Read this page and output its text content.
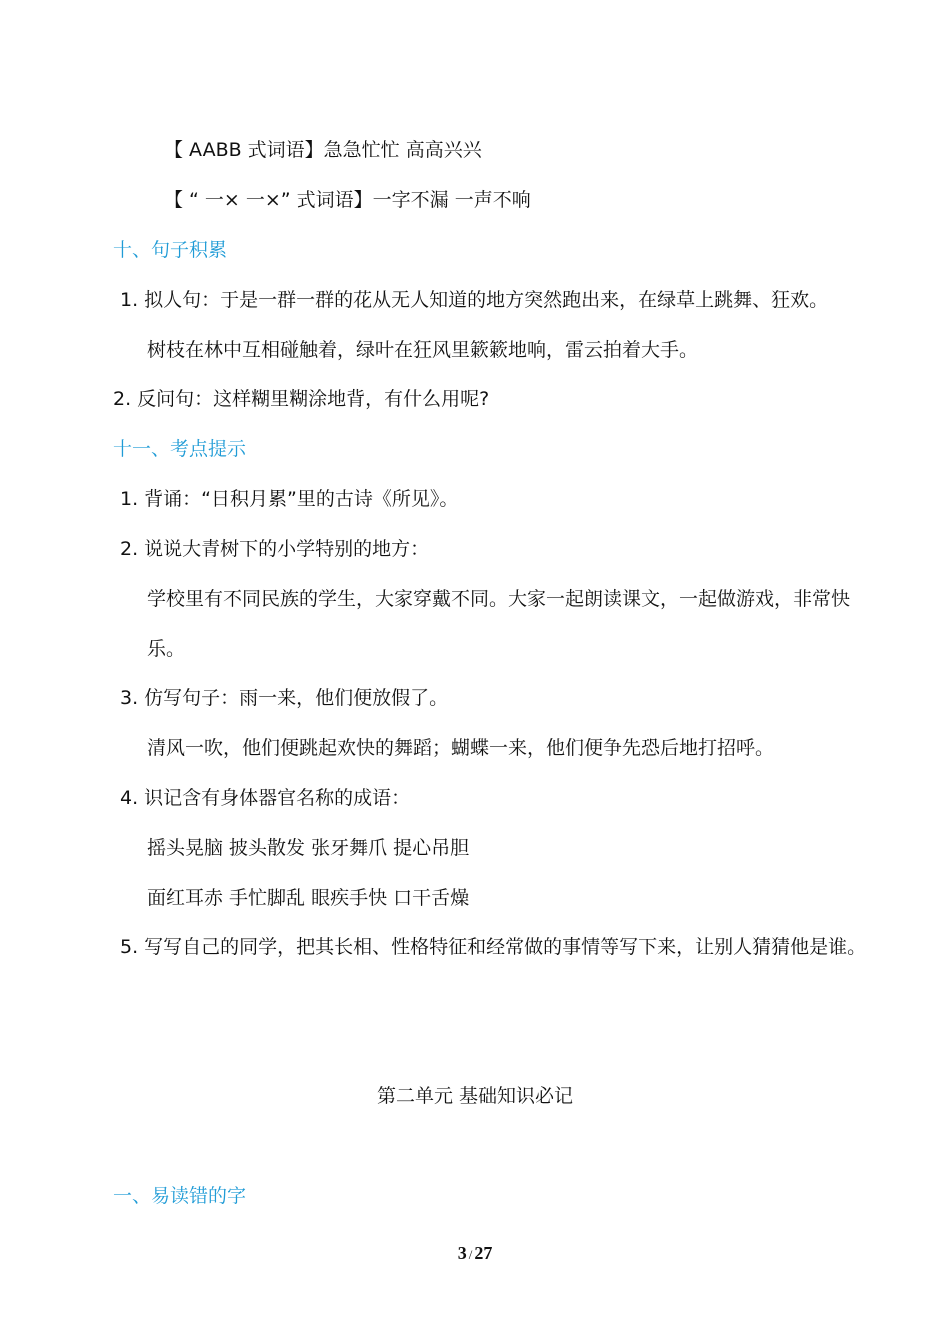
【 AABB 式词语】急急忙忙 高高兴兴
【 “ 一× 一×” 式词语】一字不漏 一声不响
十、句子积累
1. 拟人句：于是一群一群的花从无人知道的地方突然跑出来，在绿草上跳舞、狂欢。
树枝在林中互相碰触着，绿叶在狂风里簌簌地响，雷云拍着大手。
2. 反问句：这样糊里糊涂地背，有什么用呢?
十一、考点提示
1. 背诵：“日积月累”里的古诗《所见》。
2. 说说大青树下的小学特别的地方：
学校里有不同民族的学生，大家穿戴不同。大家一起朗读课文，一起做游戏，非常快
乐。
3. 仿写句子：雨一来，他们便放假了。
清风一吹，他们便跳起欢快的舞蹈；蝴蝶一来，他们便争先恐后地打招呼。
4. 识记含有身体器官名称的成语：
摇头晃脑 披头散发 张牙舞爪 提心吊胆
面红耳赤 手忙脚乱 眼疾手快 口干舌燥
5. 写写自己的同学，把其长相、性格特征和经常做的事情等写下来，让别人猜猜他是谁。
第二单元 基础知识必记
一、易读错的字
3 / 27
